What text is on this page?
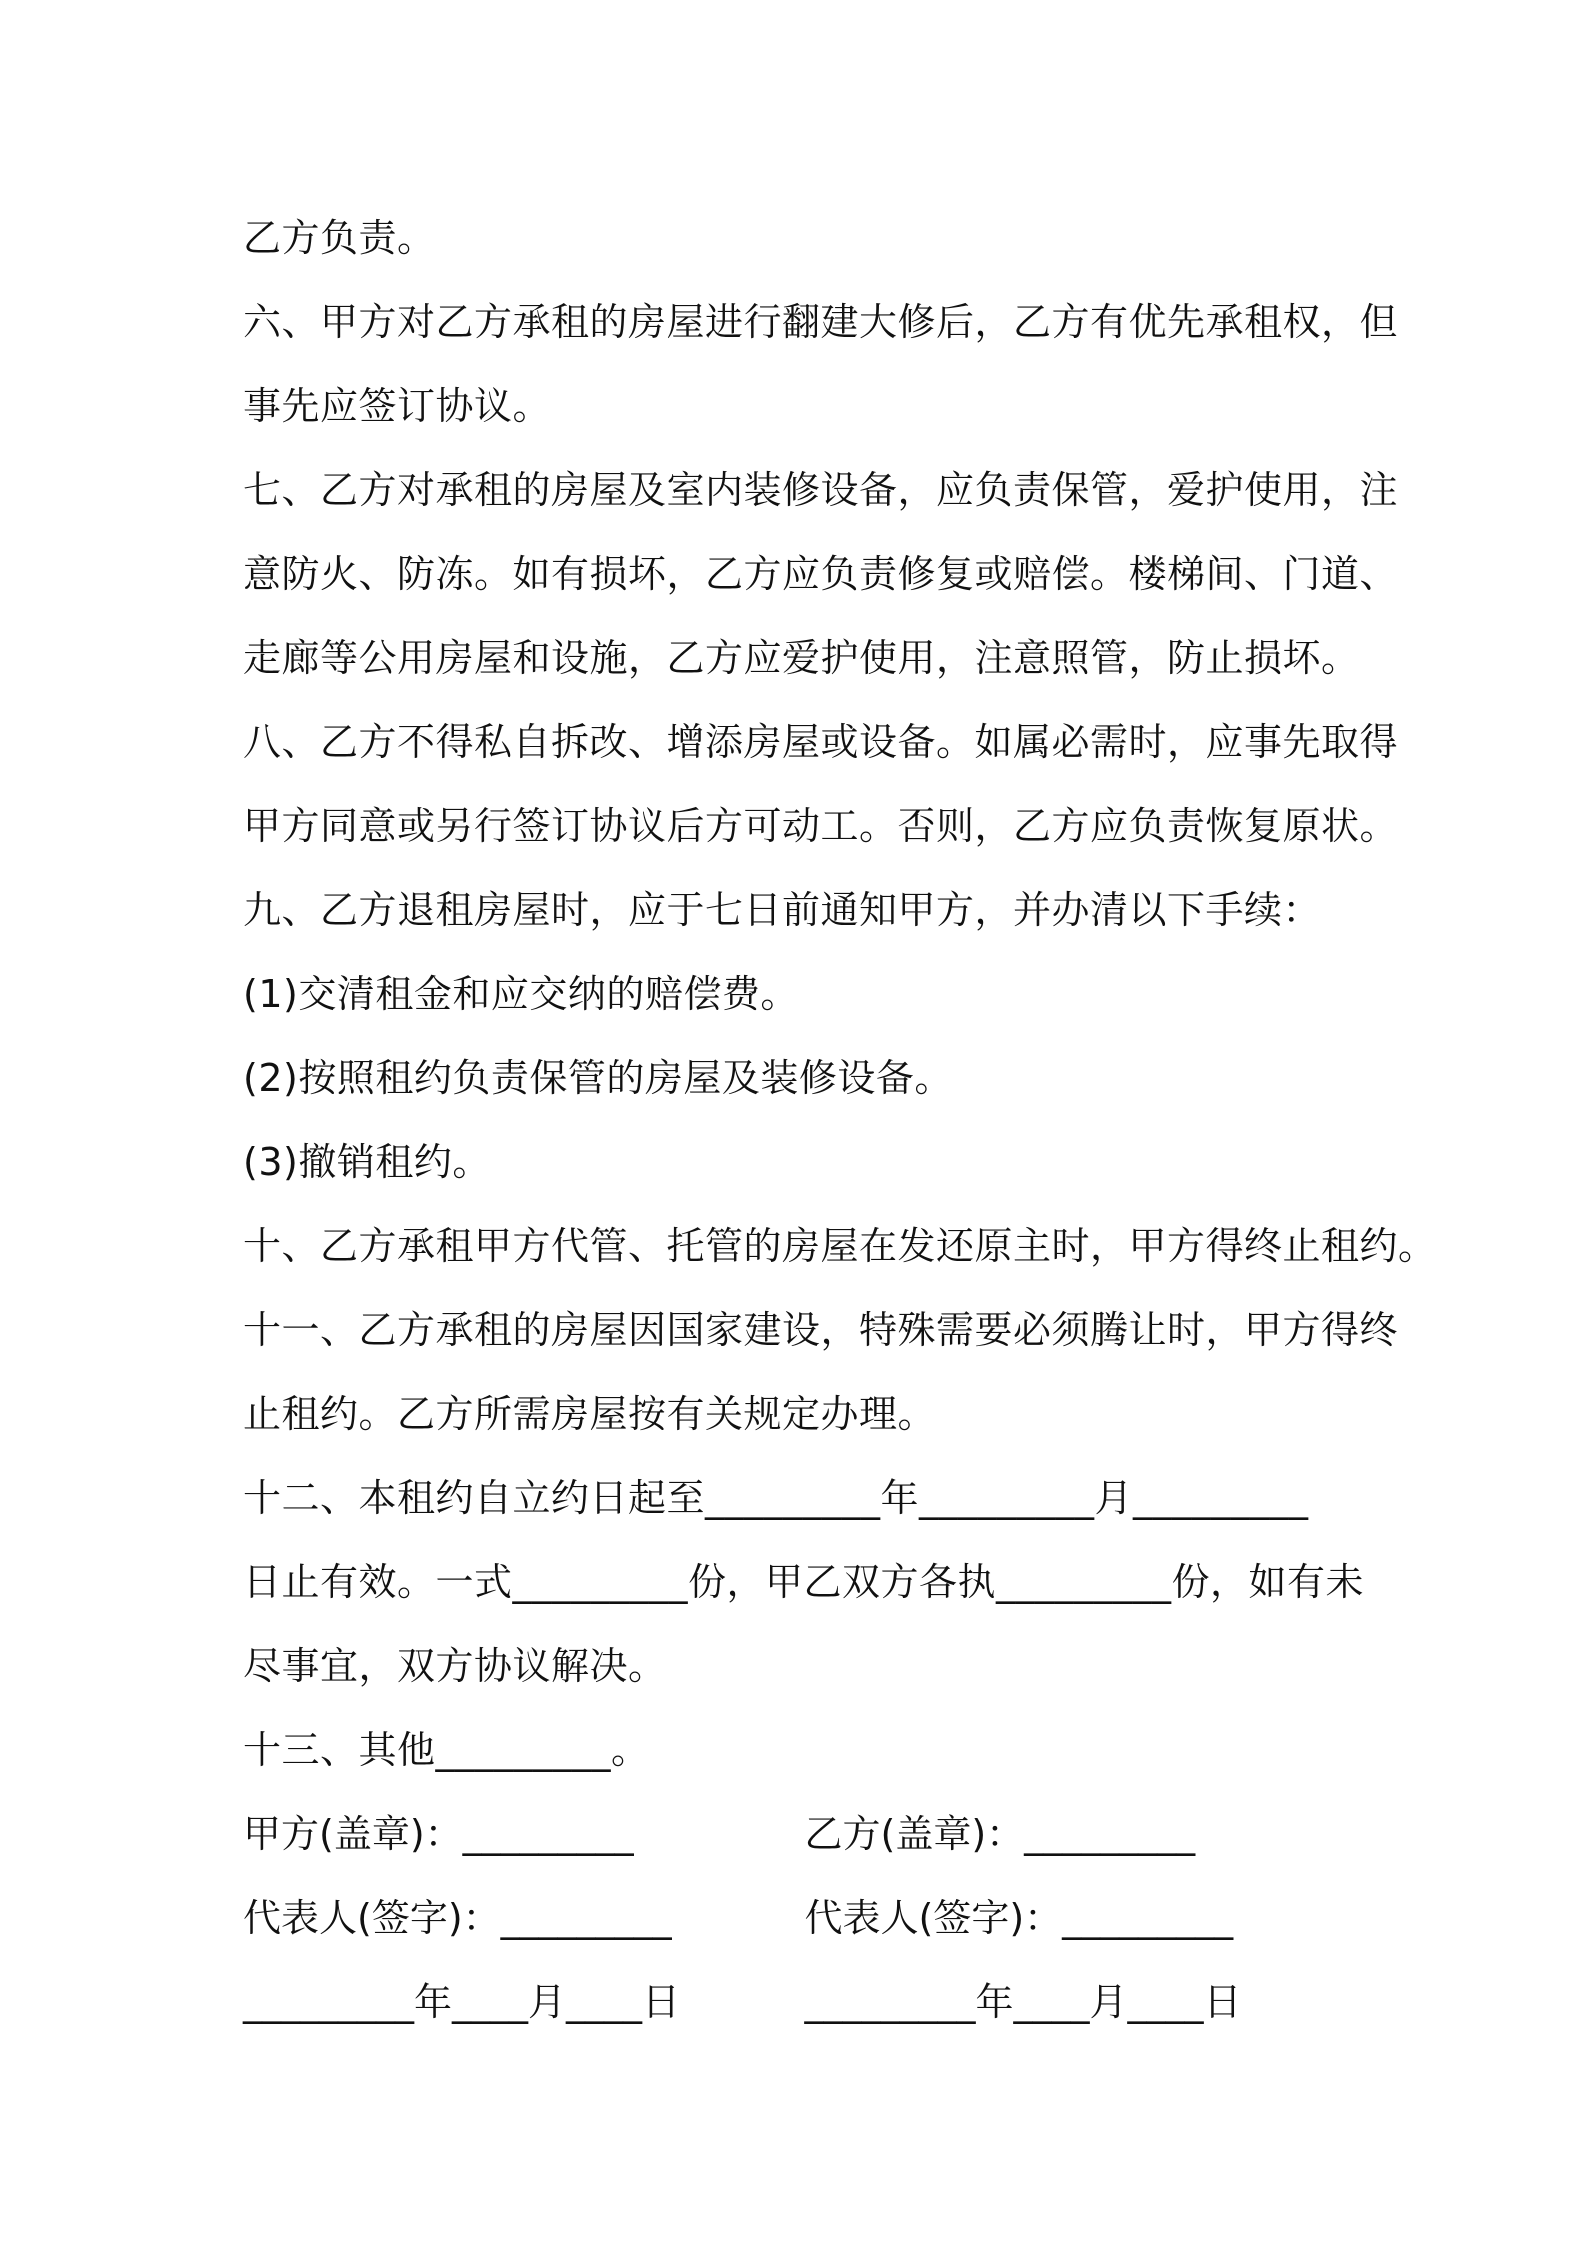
乙方负责。
六、甲方对乙方承租的房屋进行翻建大修后，乙方有优先承租权，但
事先应签订协议。
七、乙方对承租的房屋及室内装修设备，应负责保管，爱护使用，注
意防火、防冻。如有损坏，乙方应负责修复或赔偿。楼梯间、门道、
走廊等公用房屋和设施，乙方应爱护使用，注意照管，防止损坏。
八、乙方不得私自拆改、增添房屋或设备。如属必需时，应事先取得
甲方同意或另行签订协议后方可动工。否则，乙方应负责恢复原状。
九、乙方退租房屋时，应于七日前通知甲方，并办清以下手续：
(1)交清租金和应交纳的赔偿费。
(2)按照租约负责保管的房屋及装修设备。
(3)撤销租约。
十、乙方承租甲方代管、托管的房屋在发还原主时，甲方得终止租约。
十一、乙方承租的房屋因国家建设，特殊需要必须腾让时，甲方得终
止租约。乙方所需房屋按有关规定办理。
十二、本租约自立约日起至_________年_________月_________
日止有效。一式_________份，甲乙双方各执_________份，如有未
尽事宜，双方协议解决。
十三、其他_________。
甲方(盖章)：_________	乙方(盖章)：_________
代表人(签字)：_________	代表人(签字)：_________
_________年____月____日	_________年____月____日
